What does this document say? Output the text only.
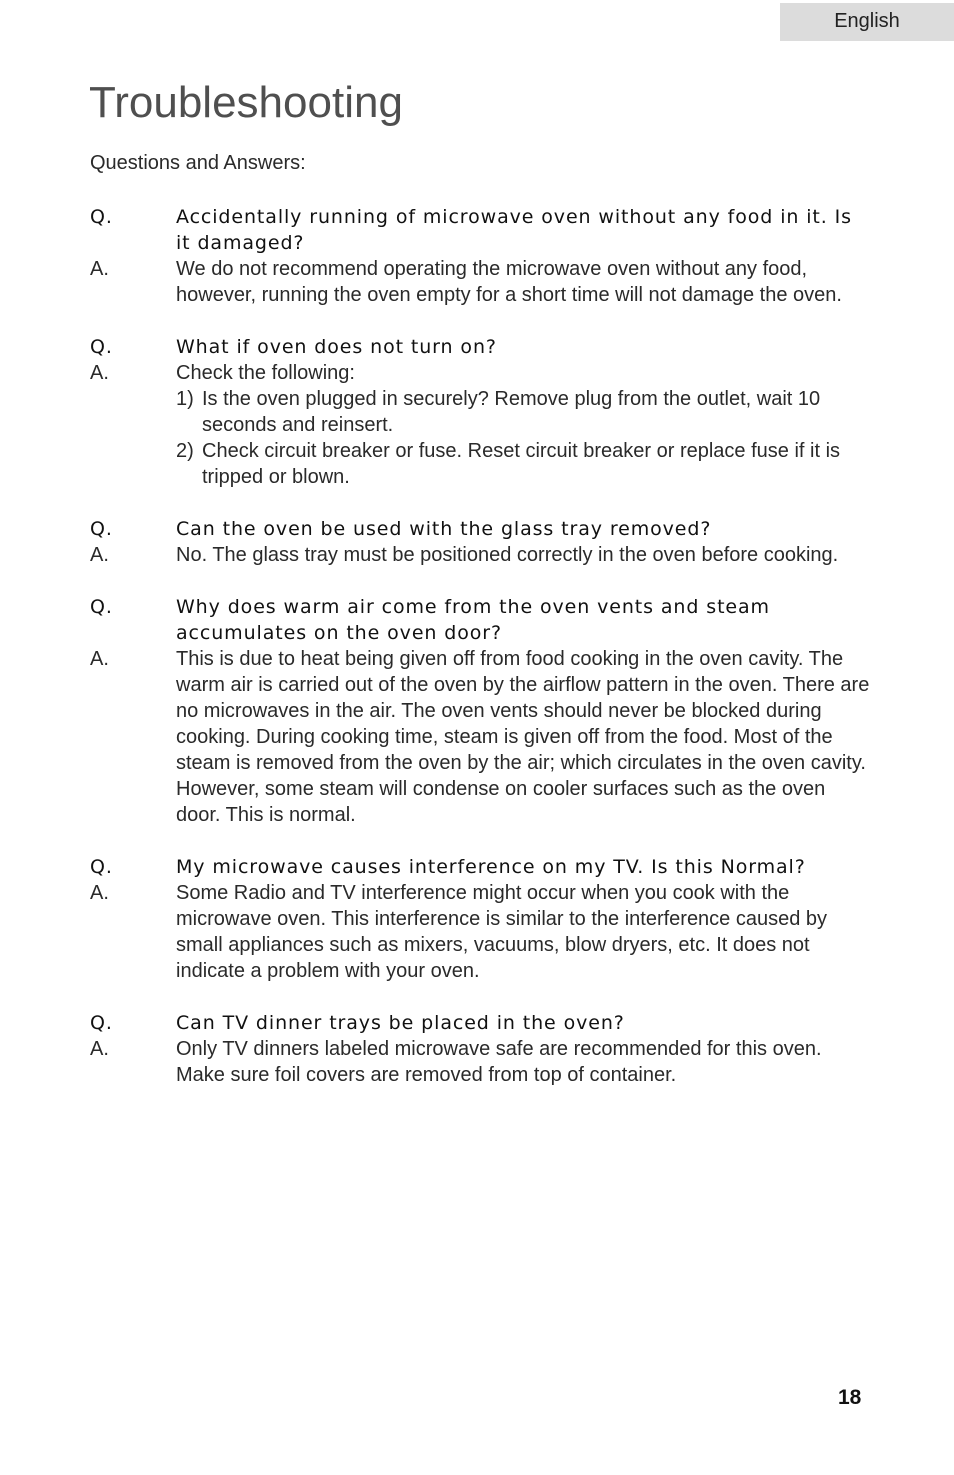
English
Troubleshooting
Questions and Answers:
Q.	Accidentally running of microwave oven without any food in it. Is it damaged?
A.	We do not recommend operating the microwave oven without any food, however, running the oven empty for a short time will not damage the oven.
Q.	What if oven does not turn on?
A.	Check the following:
1) Is the oven plugged in securely? Remove plug from the outlet, wait 10 seconds and reinsert.
2) Check circuit breaker or fuse. Reset circuit breaker or replace fuse if it is tripped or blown.
Q.	Can the oven be used with the glass tray removed?
A.	No. The glass tray must be positioned correctly in the oven before cooking.
Q.	Why does warm air come from the oven vents and steam accumulates on the oven door?
A.	This is due to heat being given off from food cooking in the oven cavity. The warm air is carried out of the oven by the airflow pattern in the oven. There are no microwaves in the air. The oven vents should never be blocked during cooking. During cooking time, steam is given off from the food. Most of the steam is removed from the oven by the air; which circulates in the oven cavity. However, some steam will condense on cooler surfaces such as the oven door. This is normal.
Q.	My microwave causes interference on my TV. Is this Normal?
A.	Some Radio and TV interference might occur when you cook with the microwave oven. This interference is similar to the interference caused by small appliances such as mixers, vacuums, blow dryers, etc. It does not indicate a problem with your oven.
Q.	Can TV dinner trays be placed in the oven?
A.	Only TV dinners labeled microwave safe are recommended for this oven. Make sure foil covers are removed from top of container.
18
